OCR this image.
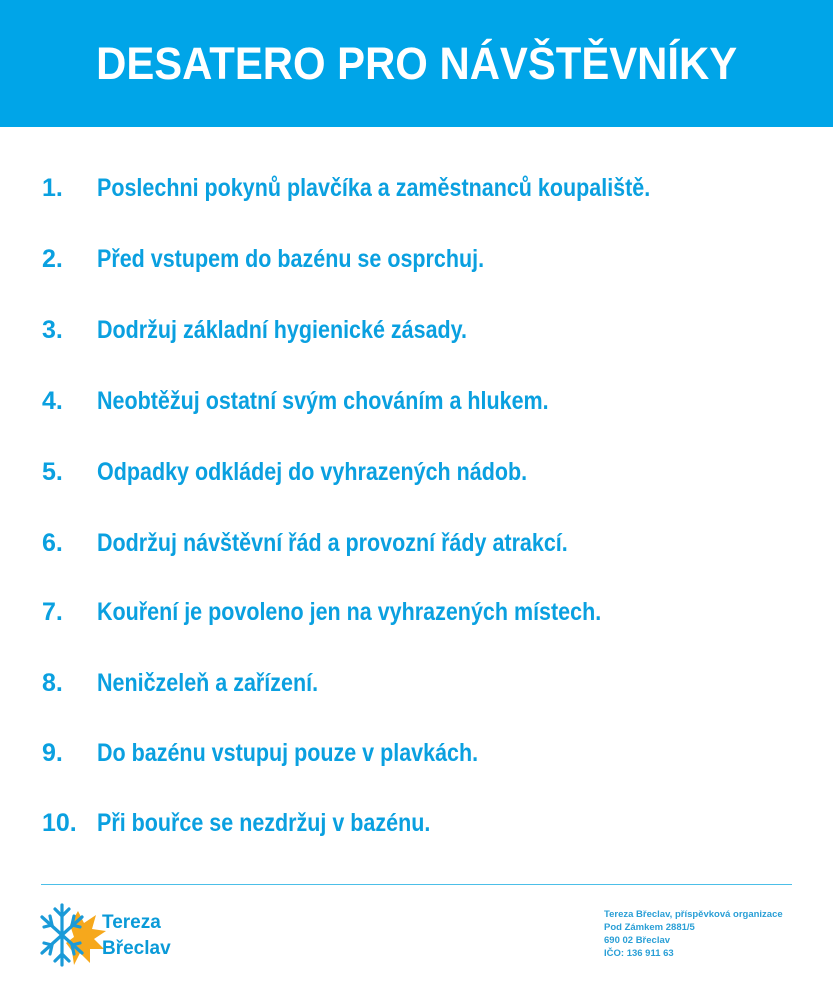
DESATERO PRO NÁVŠTĚVNÍKY
1.	Poslechni pokynů plavčíka a zaměstnanců koupaliště.
2.	Před vstupem do bazénu se osprchuj.
3.	Dodržuj základní hygienické zásady.
4.	Neobtěžuj ostatní svým chováním a hlukem.
5.	Odpadky odkládej do vyhrazených nádob.
6.	Dodržuj návštěvní řád a provozní řády atrakcí.
7.	Kouření je povoleno jen na vyhrazených místech.
8.	Neničzeleň a zařízení.
9.	Do bazénu vstupuj pouze v plavkách.
10. Při bouřce se nezdržuj v bazénu.
Tereza
Břeclav
Tereza Břeclav, příspěvková organizace
Pod Zámkem 2881/5
690 02 Břeclav
IČO: 136 911 63
